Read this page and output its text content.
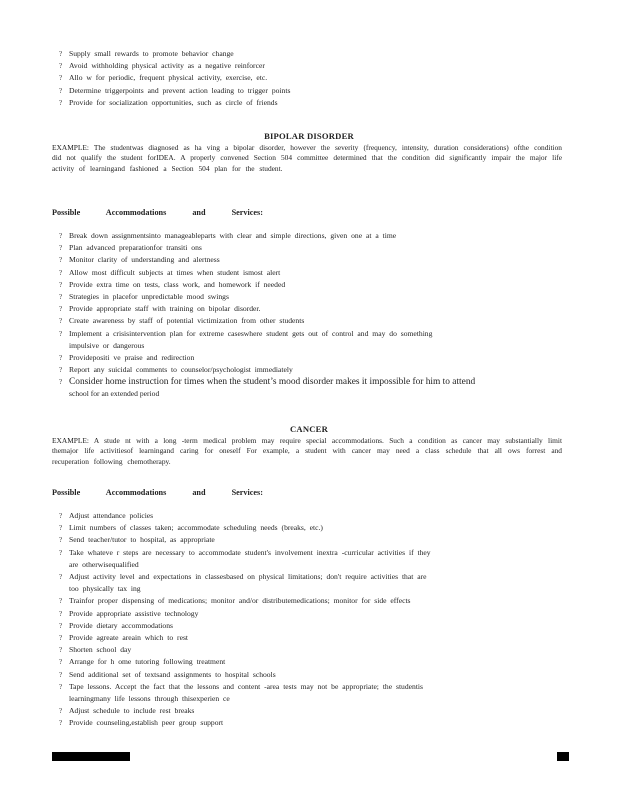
? Supply small rewards to promote behavior change
? Avoid withholding physical activity as a negative reinforcer
? Allo w for periodic, frequent physical activity, exercise, etc.
? Determine triggerpoints and prevent action leading to trigger points
? Provide for socialization opportunities, such as circle of friends
BIPOLAR DISORDER
EXAMPLE: The studentwas diagnosed as ha ving a bipolar disorder, however the severity (frequency, intensity, duration considerations) ofthe condition did not qualify the student forIDEA. A properly convened Section 504 committee determined that the condition did significantly impair the major life activity of learningand fashioned a Section 504 plan for the student.
Possible Accommodations and Services:
? Break down assignmentsinto manageableparts with clear and simple directions, given one at a time
? Plan advanced preparationfor transiti ons
? Monitor clarity of understanding and alertness
? Allow most difficult subjects at times when student ismost alert
? Provide extra time on tests, class work, and homework if needed
? Strategies in placefor unpredictable mood swings
? Provide appropriate staff with training on bipolar disorder.
? Create awareness by staff of potential victimization from other students
? Implement a crisisintervention plan for extreme caseswhere student gets out of control and may do something
impulsive or dangerous
? Providepositi ve praise and redirection
? Report any suicidal comments to counselor/psychologist immediately
? Consider home instruction for times when the student’s mood disorder makes it impossible for him to attend
school for an extended period
CANCER
EXAMPLE: A stude nt with a long -term medical problem may require special accommodations. Such a condition as cancer may substantially limit themajor life activitiesof learningand caring for oneself For example, a student with cancer may need a class schedule that all ows forrest and recuperation following chemotherapy.
Possible Accommodations and Services:
? Adjust attendance policies
? Limit numbers of classes taken; accommodate scheduling needs (breaks, etc.)
? Send teacher/tutor to hospital, as appropriate
? Take whateve r steps are necessary to accommodate student's involvement inextra -curricular activities if they
are otherwisequalified
? Adjust activity level and expectations in classesbased on physical limitations; don't require activities that are
too physically tax ing
? Trainfor proper dispensing of medications; monitor and/or distributemedications; monitor for side effects
? Provide appropriate assistive technology
? Provide dietary accommodations
? Provide agreate areain which to rest
? Shorten school day
? Arrange for h ome tutoring following treatment
? Send additional set of textsand assignments to hospital schools
? Tape lessons. Accept the fact that the lessons and content -area tests may not be appropriate; the studentis
learningmany life lessons through thisexperien ce
? Adjust schedule to include rest breaks
? Provide counseling,establish peer group support
